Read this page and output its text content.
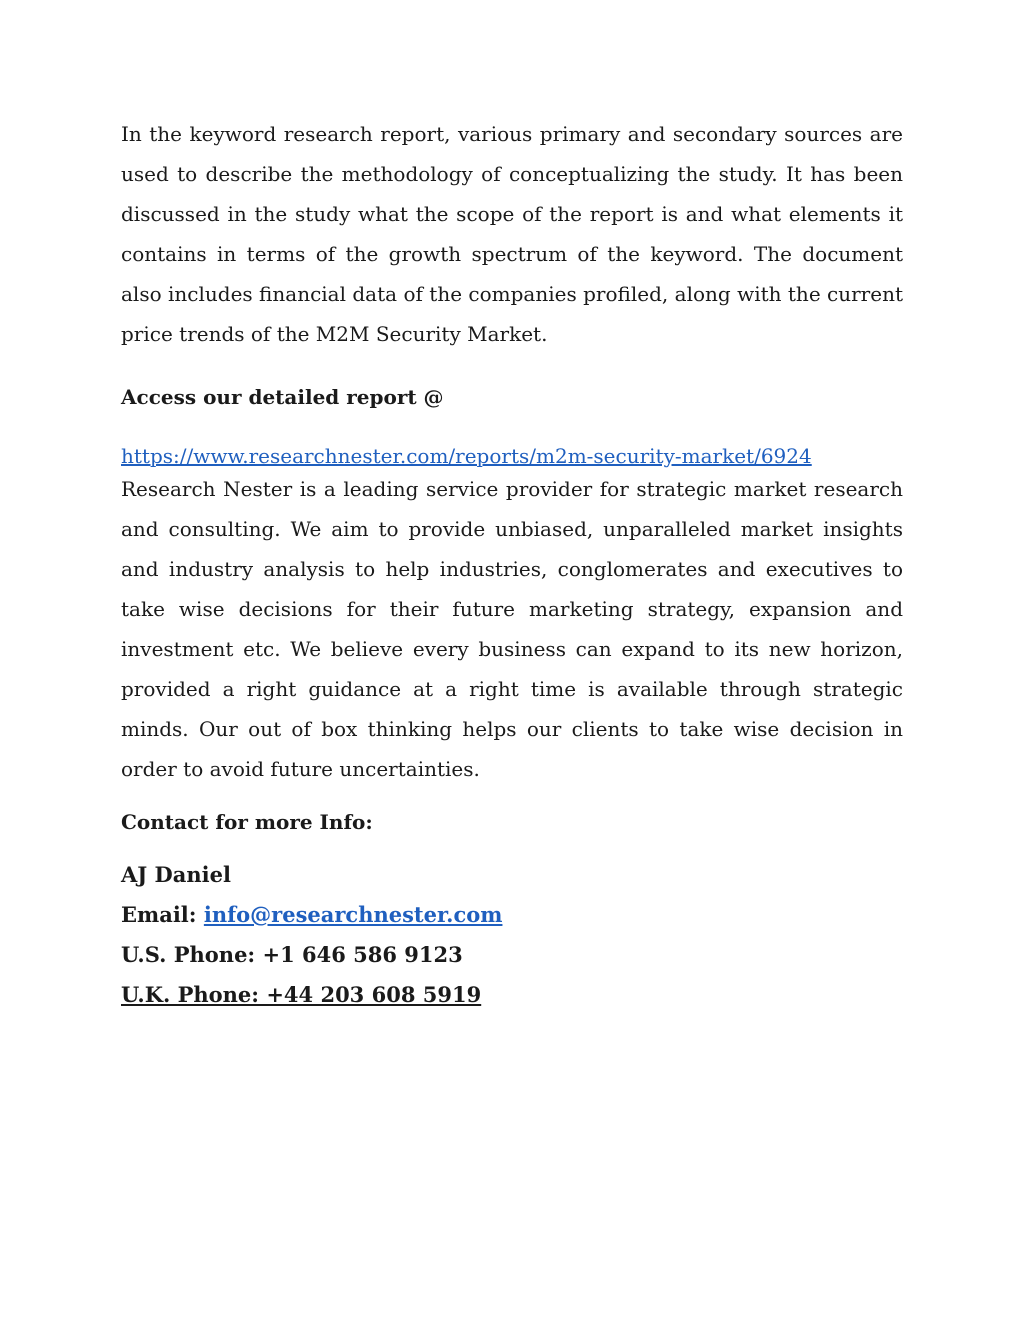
In the keyword research report, various primary and secondary sources are used to describe the methodology of conceptualizing the study. It has been discussed in the study what the scope of the report is and what elements it contains in terms of the growth spectrum of the keyword. The document also includes financial data of the companies profiled, along with the current price trends of the M2M Security Market.

Access our detailed report @

https://www.researchnester.com/reports/m2m-security-market/6924

Research Nester is a leading service provider for strategic market research and consulting. We aim to provide unbiased, unparalleled market insights and industry analysis to help industries, conglomerates and executives to take wise decisions for their future marketing strategy, expansion and investment etc. We believe every business can expand to its new horizon, provided a right guidance at a right time is available through strategic minds. Our out of box thinking helps our clients to take wise decision in order to avoid future uncertainties.

Contact for more Info:

AJ Daniel

Email: info@researchnester.com

U.S. Phone: +1 646 586 9123

U.K. Phone: +44 203 608 5919
